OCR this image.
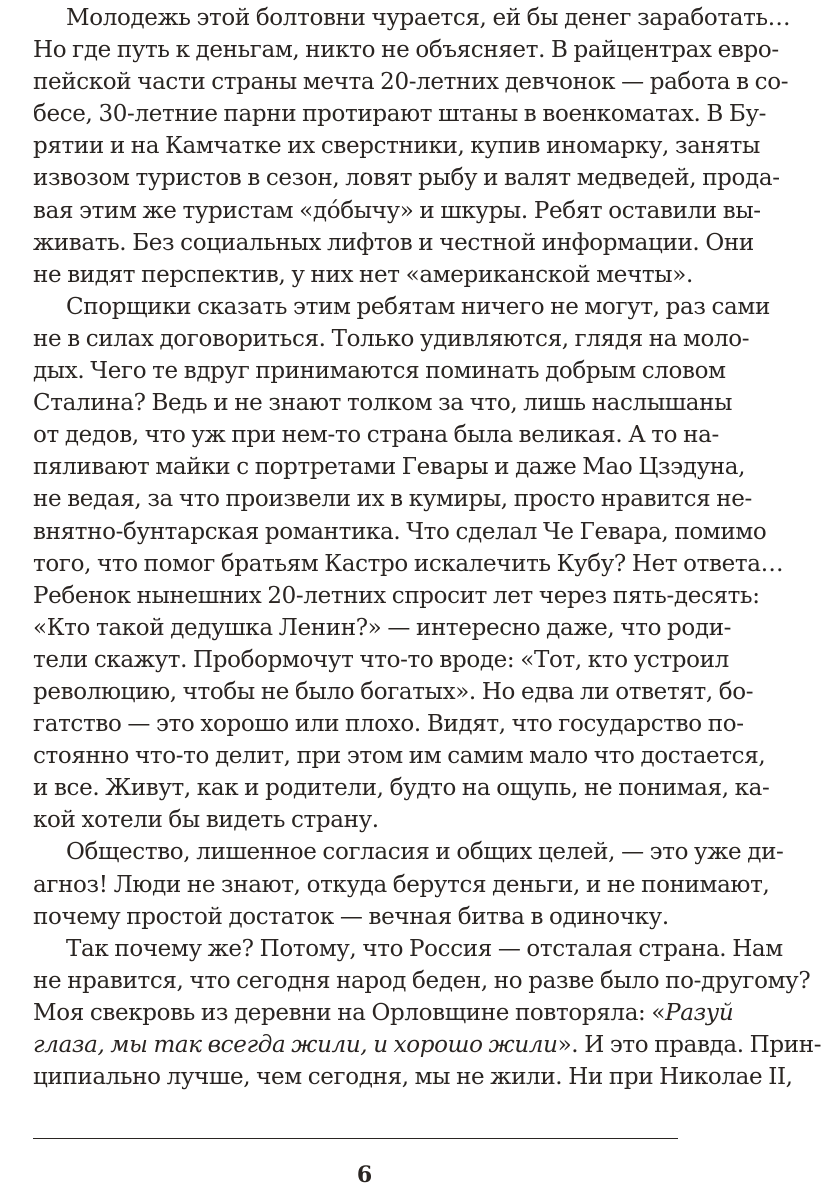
Молодежь этой болтовни чурается, ей бы денег заработать…
Но где путь к деньгам, никто не объясняет. В райцентрах евро-
пейской части страны мечта 20-летних девчонок — работа в со-
бесе, 30-летние парни протирают штаны в военкоматах. В Бу-
рятии и на Камчатке их сверстники, купив иномарку, заняты
извозом туристов в сезон, ловят рыбу и валят медведей, прода-
вая этим же туристам «до́бычу» и шкуры. Ребят оставили вы-
живать. Без социальных лифтов и честной информации. Они
не видят перспектив, у них нет «американской мечты».
Спорщики сказать этим ребятам ничего не могут, раз сами
не в силах договориться. Только удивляются, глядя на моло-
дых. Чего те вдруг принимаются поминать добрым словом
Сталина? Ведь и не знают толком за что, лишь наслышаны
от дедов, что уж при нем-то страна была великая. А то на-
пяливают майки с портретами Гевары и даже Мао Цзэдуна,
не ведая, за что произвели их в кумиры, просто нравится не-
внятно-бунтарская романтика. Что сделал Че Гевара, помимо
того, что помог братьям Кастро искалечить Кубу? Нет ответа…
Ребенок нынешних 20-летних спросит лет через пять-десять:
«Кто такой дедушка Ленин?» — интересно даже, что роди-
тели скажут. Пробормочут что-то вроде: «Тот, кто устроил
революцию, чтобы не было богатых». Но едва ли ответят, бо-
гатство — это хорошо или плохо. Видят, что государство по-
стоянно что-то делит, при этом им самим мало что достается,
и все. Живут, как и родители, будто на ощупь, не понимая, ка-
кой хотели бы видеть страну.
Общество, лишенное согласия и общих целей, — это уже ди-
агноз! Люди не знают, откуда берутся деньги, и не понимают,
почему простой достаток — вечная битва в одиночку.
Так почему же? Потому, что Россия — отсталая страна. Нам
не нравится, что сегодня народ беден, но разве было по-другому?
Моя свекровь из деревни на Орловщине повторяла: «Разуй
глаза, мы так всегда жили, и хорошо жили». И это правда. Прин-
ципиально лучше, чем сегодня, мы не жили. Ни при Николае II,
6
